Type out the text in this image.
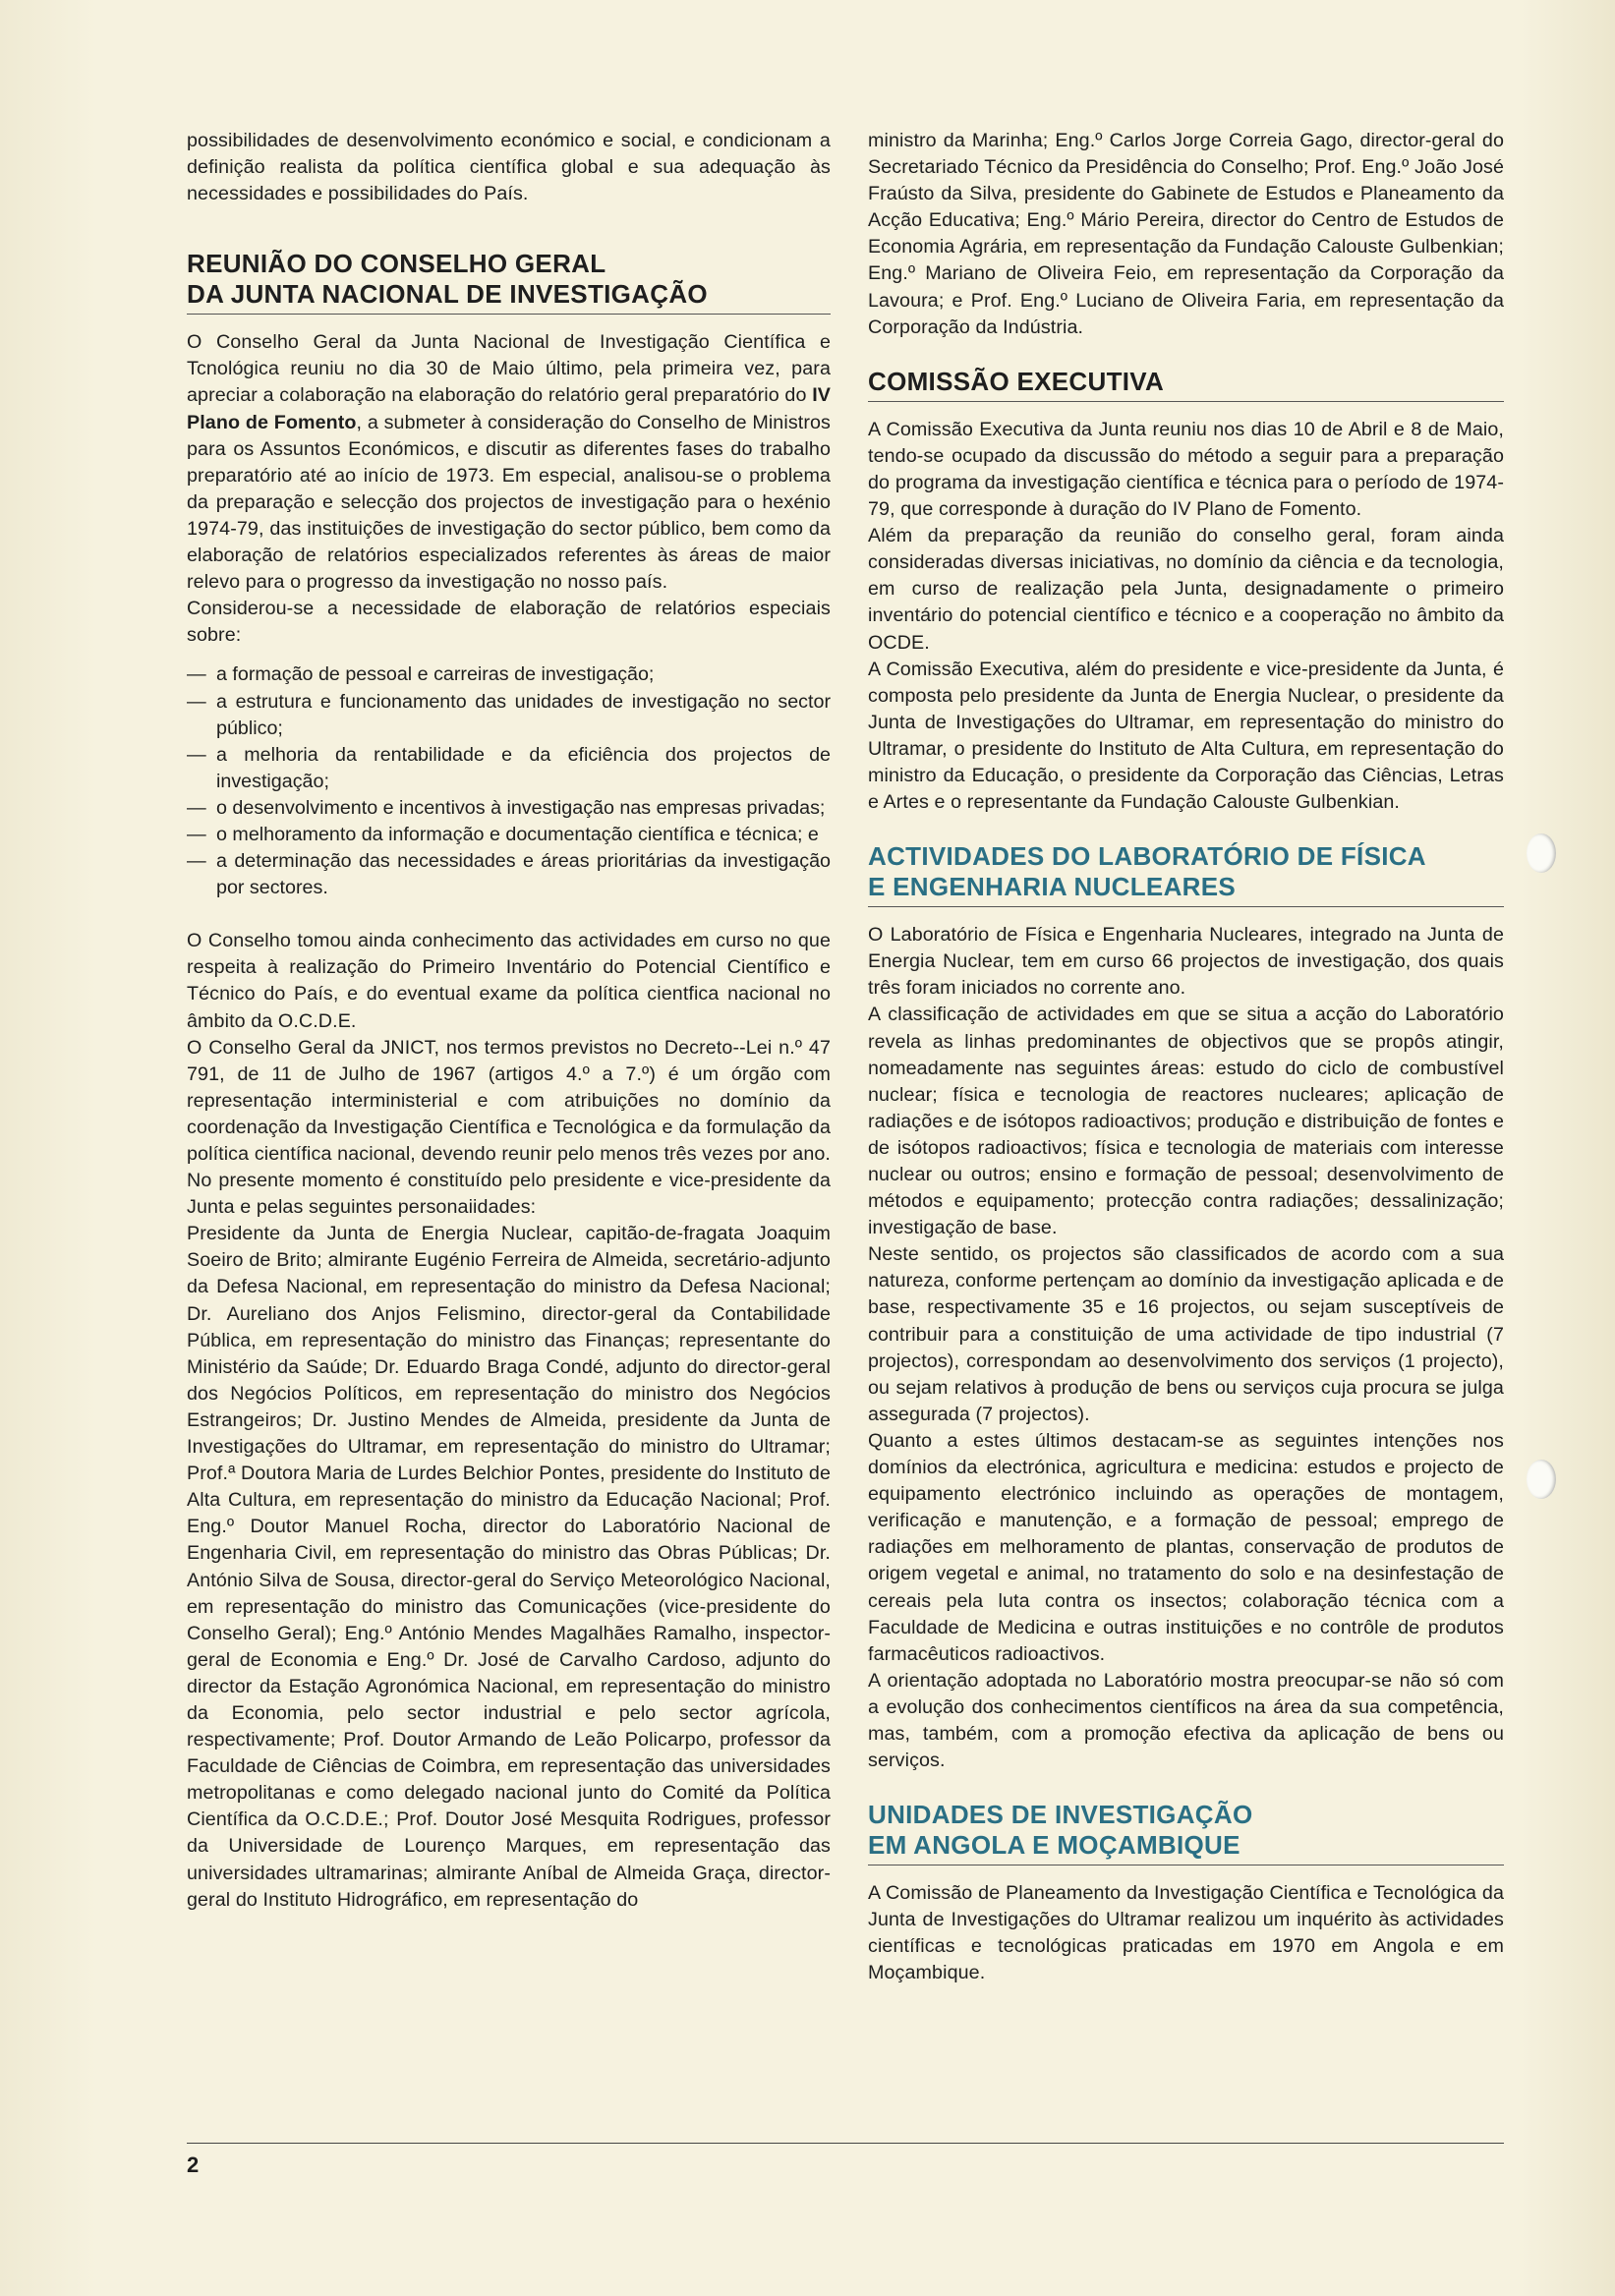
possibilidades de desenvolvimento económico e social, e condicionam a definição realista da política científica global e sua adequação às necessidades e possibilidades do País.

REUNIÃO DO CONSELHO GERAL
DA JUNTA NACIONAL DE INVESTIGAÇÃO

O Conselho Geral da Junta Nacional de Investigação Científica e Tcnológica reuniu no dia 30 de Maio último, pela primeira vez, para apreciar a colaboração na elaboração do relatório geral preparatório do IV Plano de Fomento, a submeter à consideração do Conselho de Ministros para os Assuntos Económicos, e discutir as diferentes fases do trabalho preparatório até ao início de 1973. Em especial, analisou-se o problema da preparação e selecção dos projectos de investigação para o hexénio 1974-79, das instituições de investigação do sector público, bem como da elaboração de relatórios especializados referentes às áreas de maior relevo para o progresso da investigação no nosso país.

Considerou-se a necessidade de elaboração de relatórios especiais sobre:

— a formação de pessoal e carreiras de investigação;
— a estrutura e funcionamento das unidades de investigação no sector público;
— a melhoria da rentabilidade e da eficiência dos projectos de investigação;
— o desenvolvimento e incentivos à investigação nas empresas privadas;
— o melhoramento da informação e documentação científica e técnica; e
— a determinação das necessidades e áreas prioritárias da investigação por sectores.

O Conselho tomou ainda conhecimento das actividades em curso no que respeita à realização do Primeiro Inventário do Potencial Científico e Técnico do País, e do eventual exame da política cientfica nacional no âmbito da O.C.D.E.

O Conselho Geral da JNICT, nos termos previstos no Decreto--Lei n.º 47 791, de 11 de Julho de 1967 (artigos 4.º a 7.º) é um órgão com representação interministerial e com atribuições no domínio da coordenação da Investigação Científica e Tecnológica e da formulação da política científica nacional, devendo reunir pelo menos três vezes por ano. No presente momento é constituído pelo presidente e vice-presidente da Junta e pelas seguintes personaiidades:

Presidente da Junta de Energia Nuclear, capitão-de-fragata Joaquim Soeiro de Brito; almirante Eugénio Ferreira de Almeida, secretário-adjunto da Defesa Nacional, em representação do ministro da Defesa Nacional; Dr. Aureliano dos Anjos Felismino, director-geral da Contabilidade Pública, em representação do ministro das Finanças; representante do Ministério da Saúde; Dr. Eduardo Braga Condé, adjunto do director-geral dos Negócios Políticos, em representação do ministro dos Negócios Estrangeiros; Dr. Justino Mendes de Almeida, presidente da Junta de Investigações do Ultramar, em representação do ministro do Ultramar; Prof.ª Doutora Maria de Lurdes Belchior Pontes, presidente do Instituto de Alta Cultura, em representação do ministro da Educação Nacional; Prof. Eng.º Doutor Manuel Rocha, director do Laboratório Nacional de Engenharia Civil, em representação do ministro das Obras Públicas; Dr. António Silva de Sousa, director-geral do Serviço Meteorológico Nacional, em representação do ministro das Comunicações (vice-presidente do Conselho Geral); Eng.º António Mendes Magalhães Ramalho, inspector-geral de Economia e Eng.º Dr. José de Carvalho Cardoso, adjunto do director da Estação Agronómica Nacional, em representação do ministro da Economia, pelo sector industrial e pelo sector agrícola, respectivamente; Prof. Doutor Armando de Leão Policarpo, professor da Faculdade de Ciências de Coimbra, em representação das universidades metropolitanas e como delegado nacional junto do Comité da Política Científica da O.C.D.E.; Prof. Doutor José Mesquita Rodrigues, professor da Universidade de Lourenço Marques, em representação das universidades ultramarinas; almirante Aníbal de Almeida Graça, director-geral do Instituto Hidrográfico, em representação do

ministro da Marinha; Eng.º Carlos Jorge Correia Gago, director-geral do Secretariado Técnico da Presidência do Conselho; Prof. Eng.º João José Fraústo da Silva, presidente do Gabinete de Estudos e Planeamento da Acção Educativa; Eng.º Mário Pereira, director do Centro de Estudos de Economia Agrária, em representação da Fundação Calouste Gulbenkian; Eng.º Mariano de Oliveira Feio, em representação da Corporação da Lavoura; e Prof. Eng.º Luciano de Oliveira Faria, em representação da Corporação da Indústria.

COMISSÃO EXECUTIVA

A Comissão Executiva da Junta reuniu nos dias 10 de Abril e 8 de Maio, tendo-se ocupado da discussão do método a seguir para a preparação do programa da investigação científica e técnica para o período de 1974-79, que corresponde à duração do IV Plano de Fomento.

Além da preparação da reunião do conselho geral, foram ainda consideradas diversas iniciativas, no domínio da ciência e da tecnologia, em curso de realização pela Junta, designadamente o primeiro inventário do potencial científico e técnico e a cooperação no âmbito da OCDE.

A Comissão Executiva, além do presidente e vice-presidente da Junta, é composta pelo presidente da Junta de Energia Nuclear, o presidente da Junta de Investigações do Ultramar, em representação do ministro do Ultramar, o presidente do Instituto de Alta Cultura, em representação do ministro da Educação, o presidente da Corporação das Ciências, Letras e Artes e o representante da Fundação Calouste Gulbenkian.

ACTIVIDADES DO LABORATÓRIO DE FÍSICA
E ENGENHARIA NUCLEARES

O Laboratório de Física e Engenharia Nucleares, integrado na Junta de Energia Nuclear, tem em curso 66 projectos de investigação, dos quais três foram iniciados no corrente ano.

A classificação de actividades em que se situa a acção do Laboratório revela as linhas predominantes de objectivos que se propôs atingir, nomeadamente nas seguintes áreas: estudo do ciclo de combustível nuclear; física e tecnologia de reactores nucleares; aplicação de radiações e de isótopos radioactivos; produção e distribuição de fontes e de isótopos radioactivos; física e tecnologia de materiais com interesse nuclear ou outros; ensino e formação de pessoal; desenvolvimento de métodos e equipamento; protecção contra radiações; dessalinização; investigação de base.

Neste sentido, os projectos são classificados de acordo com a sua natureza, conforme pertençam ao domínio da investigação aplicada e de base, respectivamente 35 e 16 projectos, ou sejam susceptíveis de contribuir para a constituição de uma actividade de tipo industrial (7 projectos), correspondam ao desenvolvimento dos serviços (1 projecto), ou sejam relativos à produção de bens ou serviços cuja procura se julga assegurada (7 projectos).

Quanto a estes últimos destacam-se as seguintes intenções nos domínios da electrónica, agricultura e medicina: estudos e projecto de equipamento electrónico incluindo as operações de montagem, verificação e manutenção, e a formação de pessoal; emprego de radiações em melhoramento de plantas, conservação de produtos de origem vegetal e animal, no tratamento do solo e na desinfestação de cereais pela luta contra os insectos; colaboração técnica com a Faculdade de Medicina e outras instituições e no contrôle de produtos farmacêuticos radioactivos.

A orientação adoptada no Laboratório mostra preocupar-se não só com a evolução dos conhecimentos científicos na área da sua competência, mas, também, com a promoção efectiva da aplicação de bens ou serviços.

UNIDADES DE INVESTIGAÇÃO
EM ANGOLA E MOÇAMBIQUE

A Comissão de Planeamento da Investigação Científica e Tecnológica da Junta de Investigações do Ultramar realizou um inquérito às actividades científicas e tecnológicas praticadas em 1970 em Angola e em Moçambique.

2
